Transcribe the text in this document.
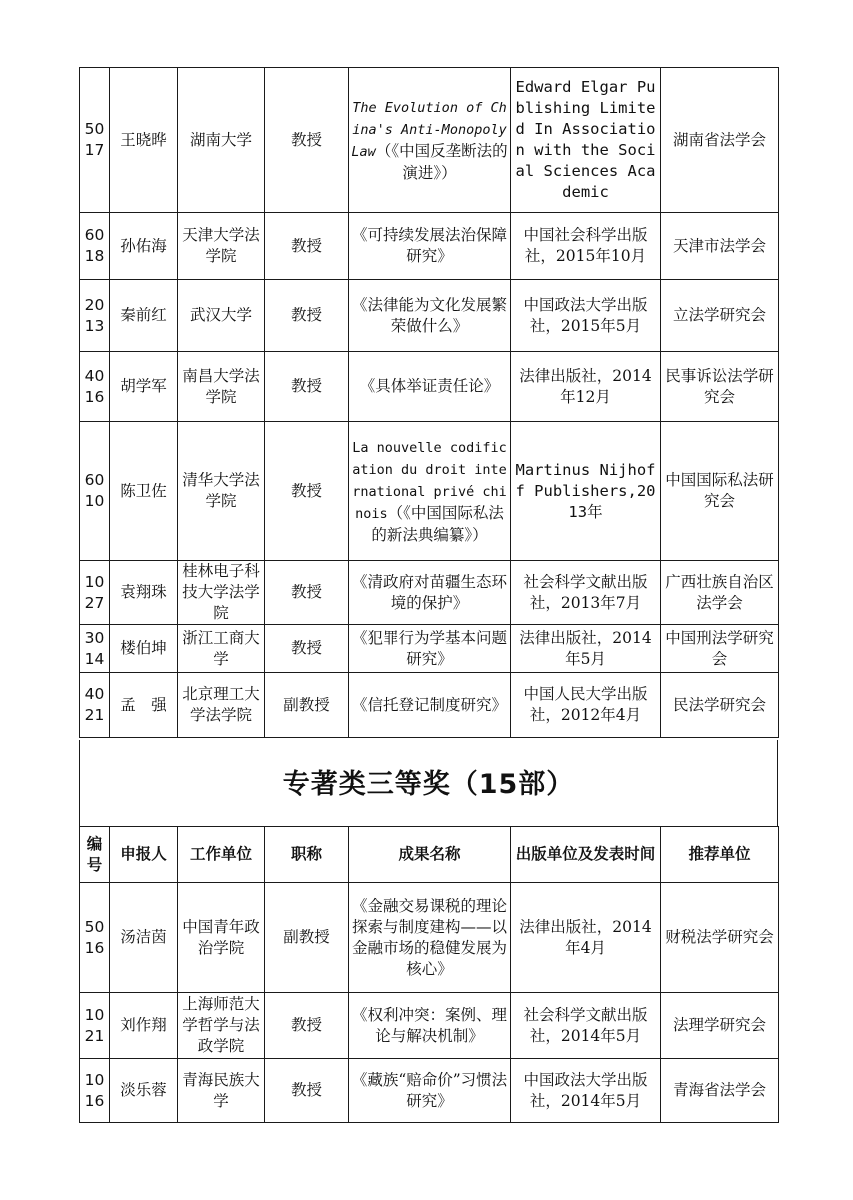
5017	王晓晔	湖南大学	教授	The Evolution of China's Anti-Monopoly Law（《中国反垄断法的演进》）	Edward Elgar Publishing Limited In Association with the Social Sciences Academic	湖南省法学会
6018	孙佑海	天津大学法学院	教授	《可持续发展法治保障研究》	中国社会科学出版社，2015年10月	天津市法学会
2013	秦前红	武汉大学	教授	《法律能为文化发展繁荣做什么》	中国政法大学出版社，2015年5月	立法学研究会
4016	胡学军	南昌大学法学院	教授	《具体举证责任论》	法律出版社，2014年12月	民事诉讼法学研究会
6010	陈卫佐	清华大学法学院	教授	La nouvelle codification du droit international privé chinois（《中国国际私法的新法典编纂》）	Martinus Nijhoff Publishers,2013年	中国国际私法研究会
1027	袁翔珠	桂林电子科技大学法学院	教授	《清政府对苗疆生态环境的保护》	社会科学文献出版社，2013年7月	广西壮族自治区法学会
3014	楼伯坤	浙江工商大学	教授	《犯罪行为学基本问题研究》	法律出版社，2014年5月	中国刑法学研究会
4021	孟　强	北京理工大学法学院	副教授	《信托登记制度研究》	中国人民大学出版社，2012年4月	民法学研究会
专著类三等奖（15部）
编号	申报人	工作单位	职称	成果名称	出版单位及发表时间	推荐单位
5016	汤洁茵	中国青年政治学院	副教授	《金融交易课税的理论探索与制度建构——以金融市场的稳健发展为核心》	法律出版社，2014年4月	财税法学研究会
1021	刘作翔	上海师范大学哲学与法政学院	教授	《权利冲突：案例、理论与解决机制》	社会科学文献出版社，2014年5月	法理学研究会
1016	淡乐蓉	青海民族大学	教授	《藏族“赔命价”习惯法研究》	中国政法大学出版社，2014年5月	青海省法学会
